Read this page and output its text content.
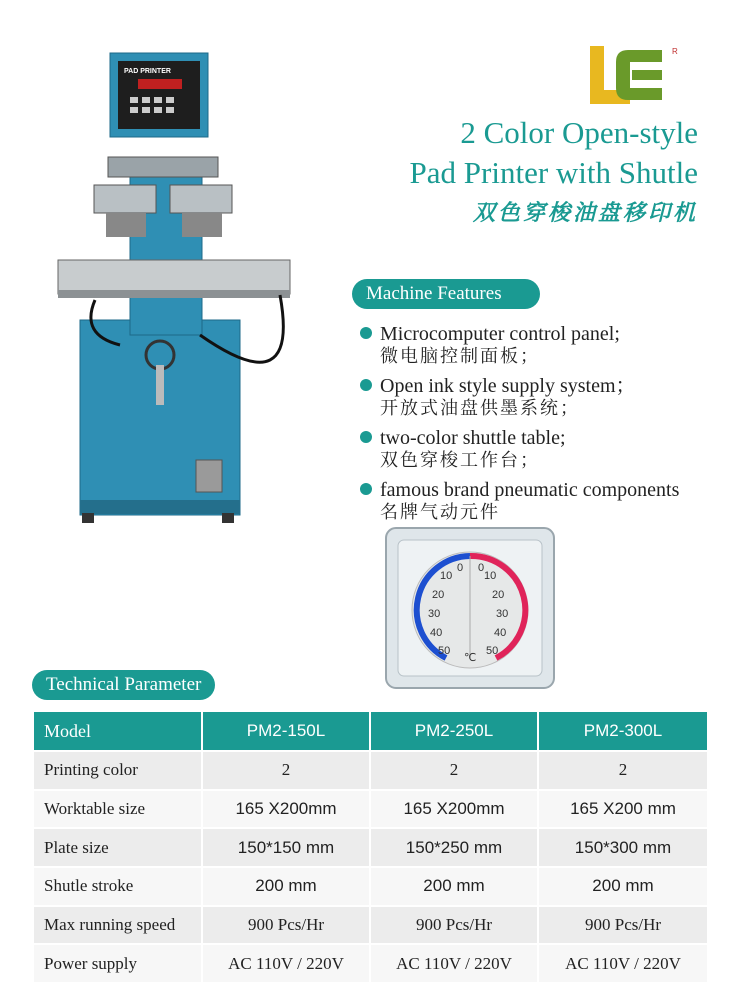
R
2 Color Open-style
Pad Printer with Shutle
双色穿梭油盘移印机
PAD PRINTER
Machine Features
Microcomputer control panel;
微电脑控制面板；
Open ink style supply system；
开放式油盘供墨系统；
two-color shuttle table;
双色穿梭工作台；
famous brand pneumatic components
名牌气动元件
10
20
30
40
50
10
20
30
40
50
0 0
℃
Technical Parameter
Model	PM2-150L	PM2-250L	PM2-300L
Printing color	2	2	2
Worktable size	165 X200mm	165 X200mm	165 X200 mm
Plate size	150*150 mm	150*250 mm	150*300 mm
Shutle stroke	200 mm	200 mm	200 mm
Max running speed	900 Pcs/Hr	900 Pcs/Hr	900 Pcs/Hr
Power supply	AC 110V / 220V	AC 110V / 220V	AC 110V / 220V
